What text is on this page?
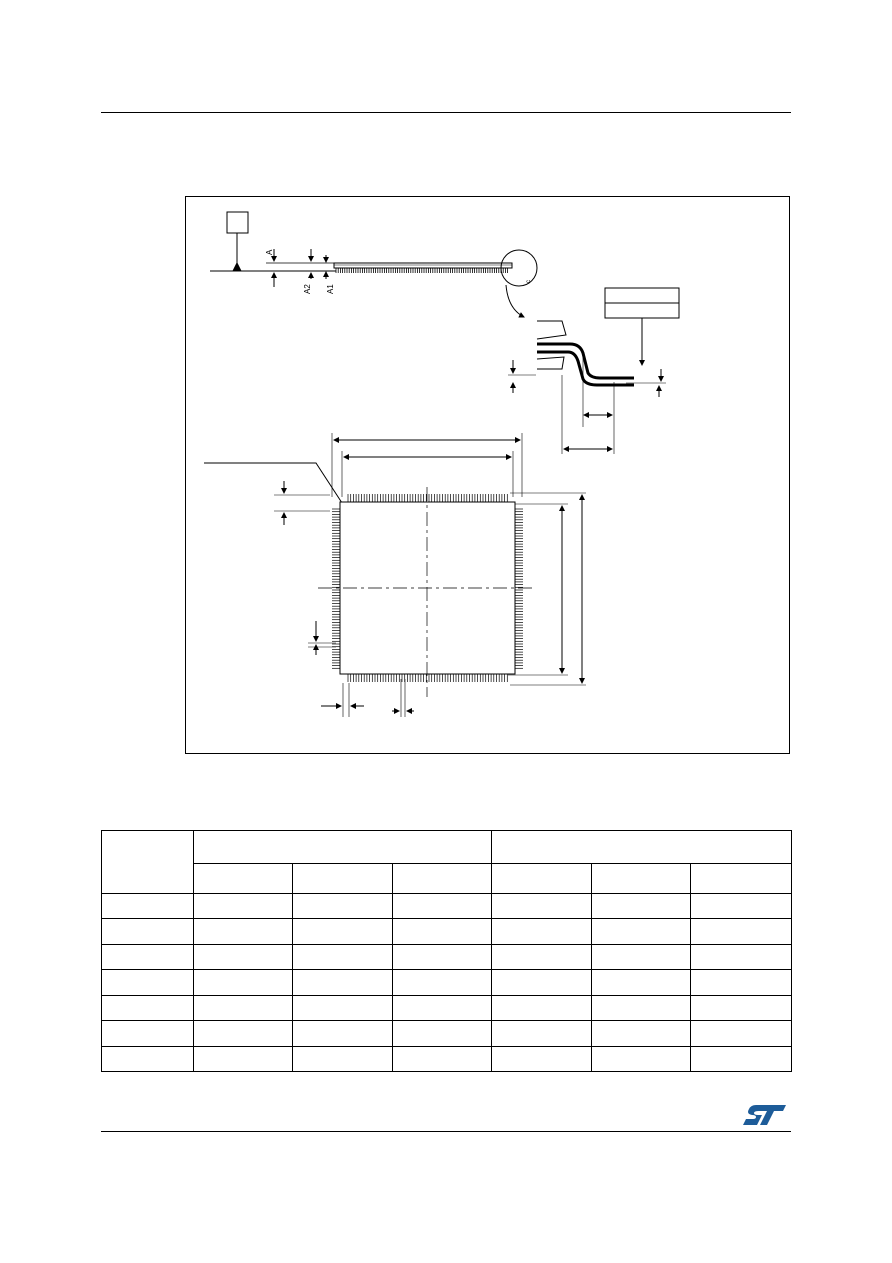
A
A2 A1
c
